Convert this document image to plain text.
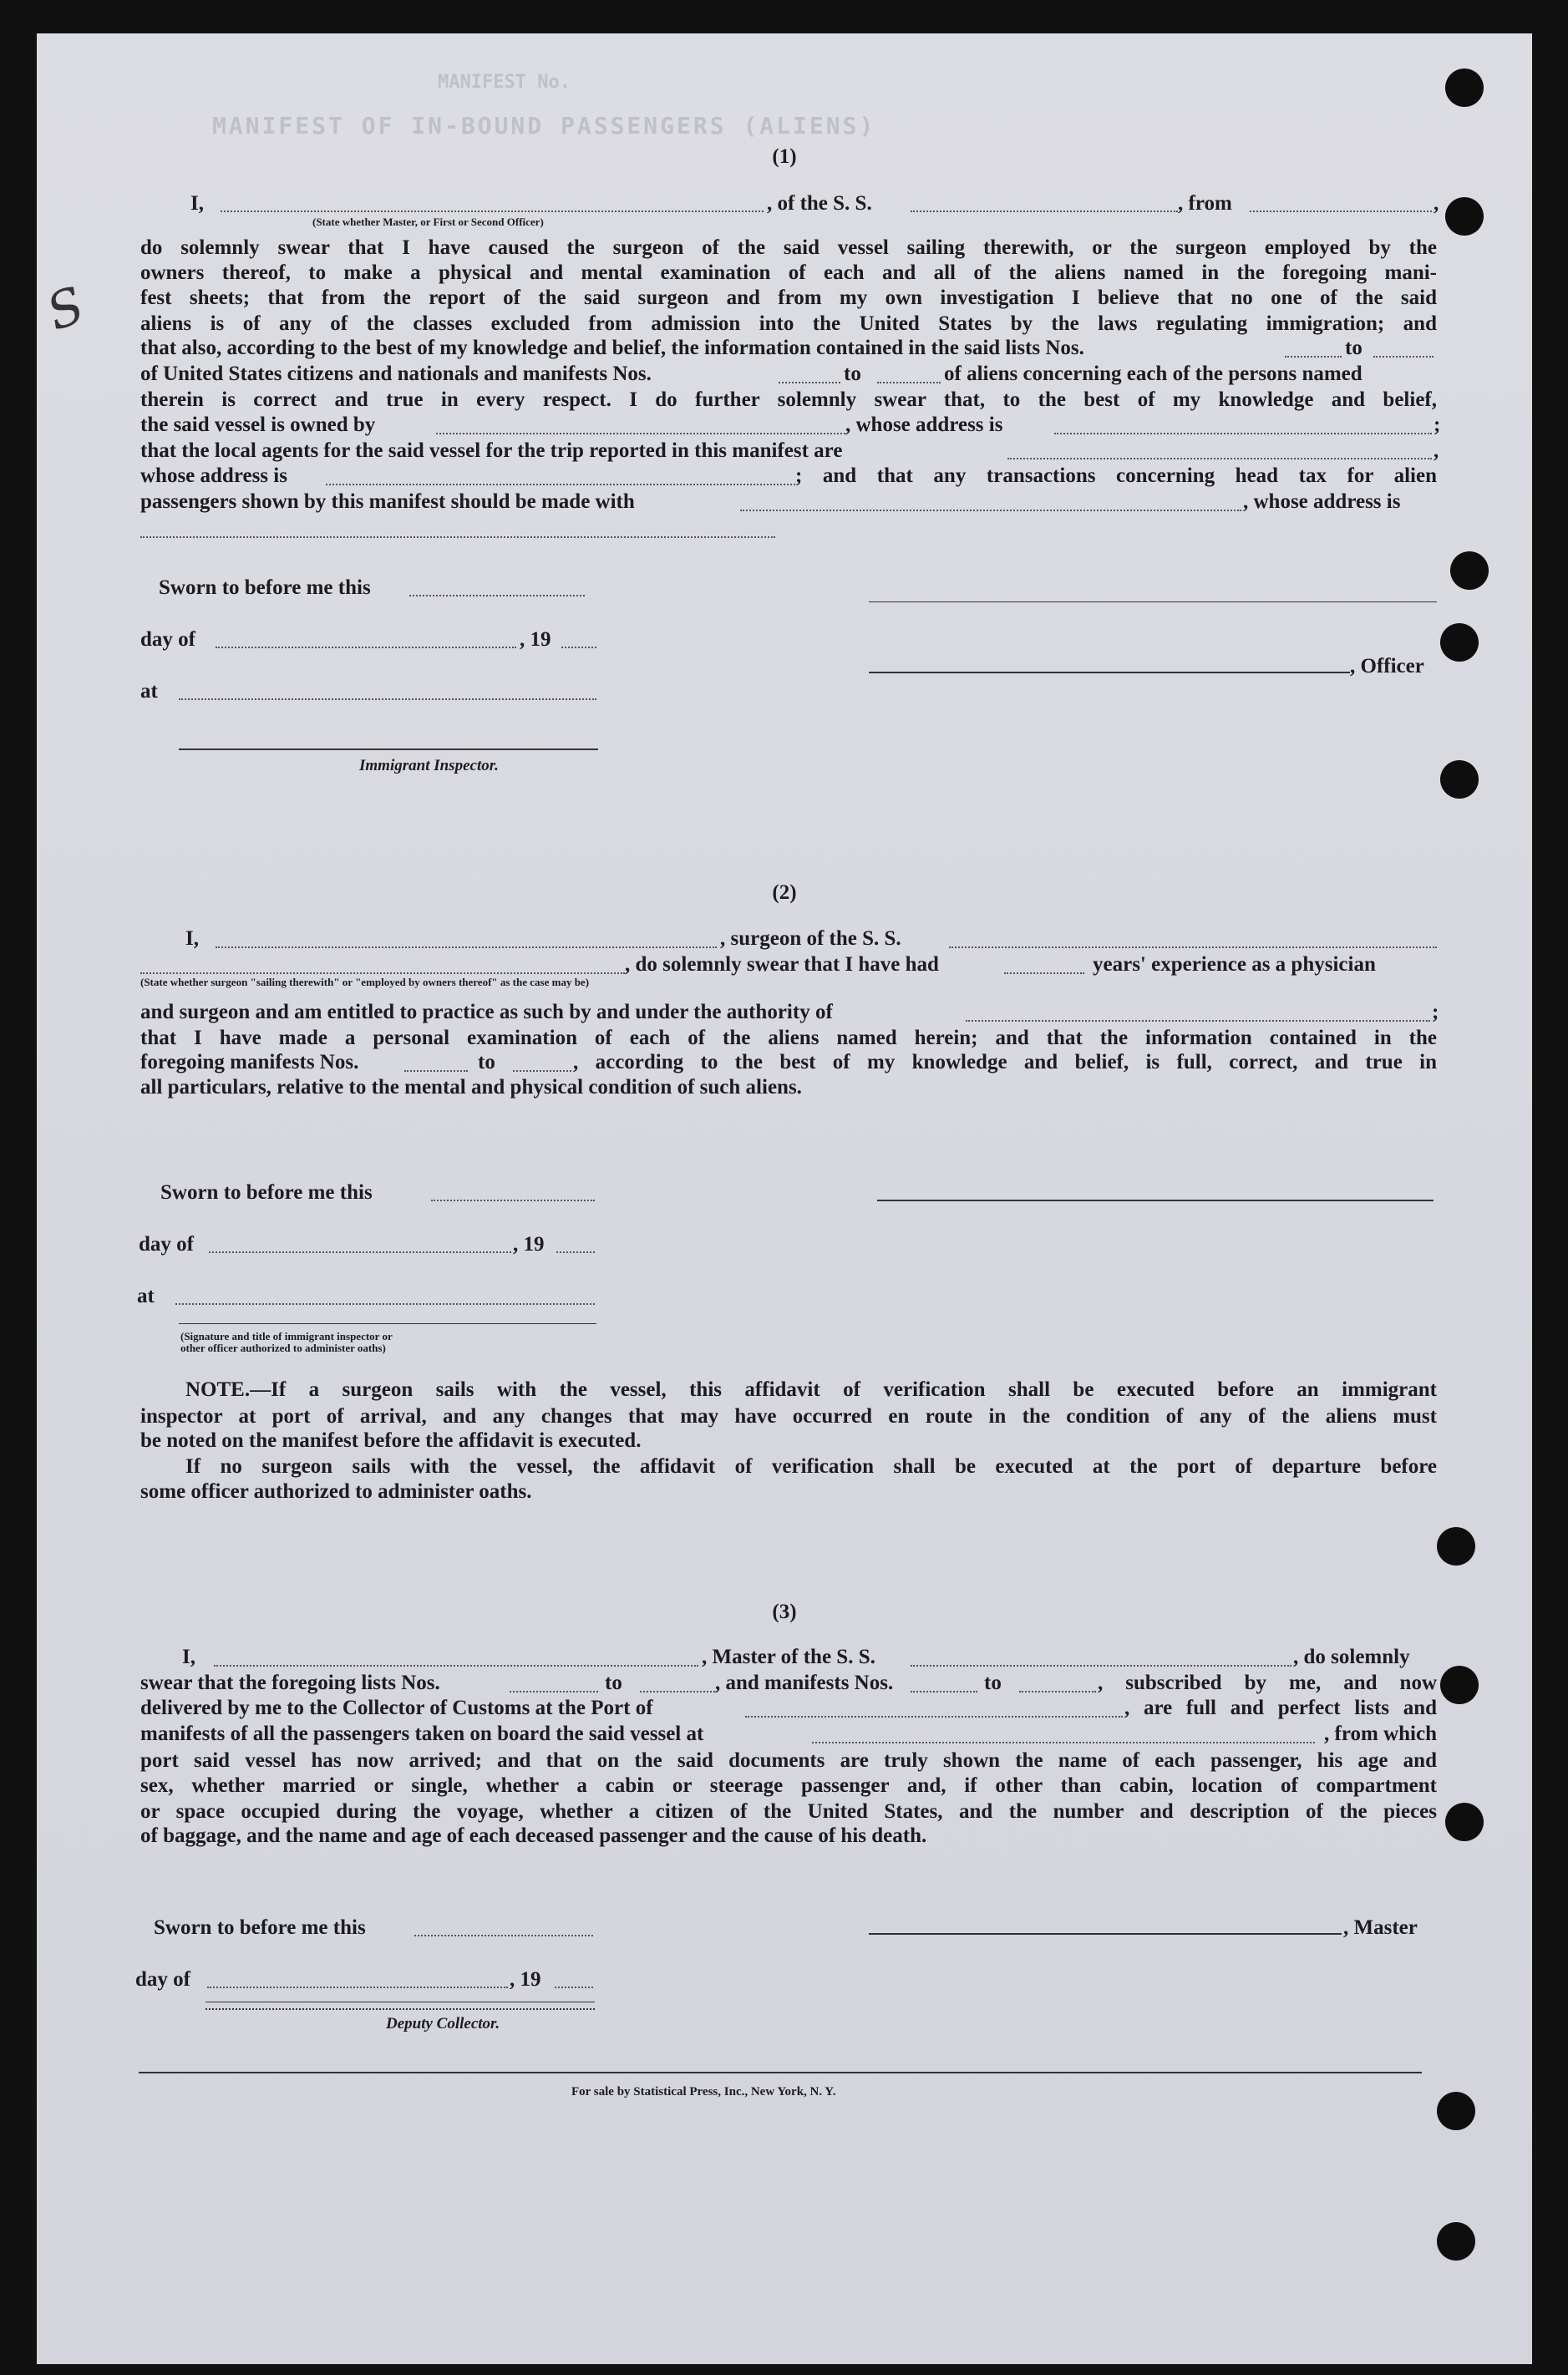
MANIFEST No.
MANIFEST OF IN-BOUND PASSENGERS (ALIENS)
S
(1)
I,	, of the S. S.	, from	,
(State whether Master, or First or Second Officer)
do solemnly swear that I have caused the surgeon of the said vessel sailing therewith, or the surgeon employed by the
owners thereof, to make a physical and mental examination of each and all of the aliens named in the foregoing mani-
fest sheets; that from the report of the said surgeon and from my own investigation I believe that no one of the said
aliens is of any of the classes excluded from admission into the United States by the laws regulating immigration; and
that also, according to the best of my knowledge and belief, the information contained in the said lists Nos.	to
of United States citizens and nationals and manifests Nos.	to	of aliens concerning each of the persons named
therein is correct and true in every respect. I do further solemnly swear that, to the best of my knowledge and belief,
the said vessel is owned by	, whose address is	;
that the local agents for the said vessel for the trip reported in this manifest are	,
whose address is	; and that any transactions concerning head tax for alien
passengers shown by this manifest should be made with	, whose address is
Sworn to before me this
day of	, 19
at
Immigrant Inspector.
, Officer
(2)
I,	, surgeon of the S. S.
, do solemnly swear that I have had	years' experience as a physician
(State whether surgeon "sailing therewith" or "employed by owners thereof" as the case may be)
and surgeon and am entitled to practice as such by and under the authority of	;
that I have made a personal examination of each of the aliens named herein; and that the information contained in the
foregoing manifests Nos.	to	, according to the best of my knowledge and belief, is full, correct, and true in
all particulars, relative to the mental and physical condition of such aliens.
Sworn to before me this
day of	, 19
at
(Signature and title of immigrant inspector or
other officer authorized to administer oaths)
NOTE.—If a surgeon sails with the vessel, this affidavit of verification shall be executed before an immigrant
inspector at port of arrival, and any changes that may have occurred en route in the condition of any of the aliens must
be noted on the manifest before the affidavit is executed.
If no surgeon sails with the vessel, the affidavit of verification shall be executed at the port of departure before
some officer authorized to administer oaths.
(3)
I,	, Master of the S. S.	, do solemnly
swear that the foregoing lists Nos.	to	, and manifests Nos.	to	, subscribed by me, and now
delivered by me to the Collector of Customs at the Port of	, are full and perfect lists and
manifests of all the passengers taken on board the said vessel at	, from which
port said vessel has now arrived; and that on the said documents are truly shown the name of each passenger, his age and
sex, whether married or single, whether a cabin or steerage passenger and, if other than cabin, location of compartment
or space occupied during the voyage, whether a citizen of the United States, and the number and description of the pieces
of baggage, and the name and age of each deceased passenger and the cause of his death.
Sworn to before me this	, Master
day of	, 19
Deputy Collector.
For sale by Statistical Press, Inc., New York, N. Y.
